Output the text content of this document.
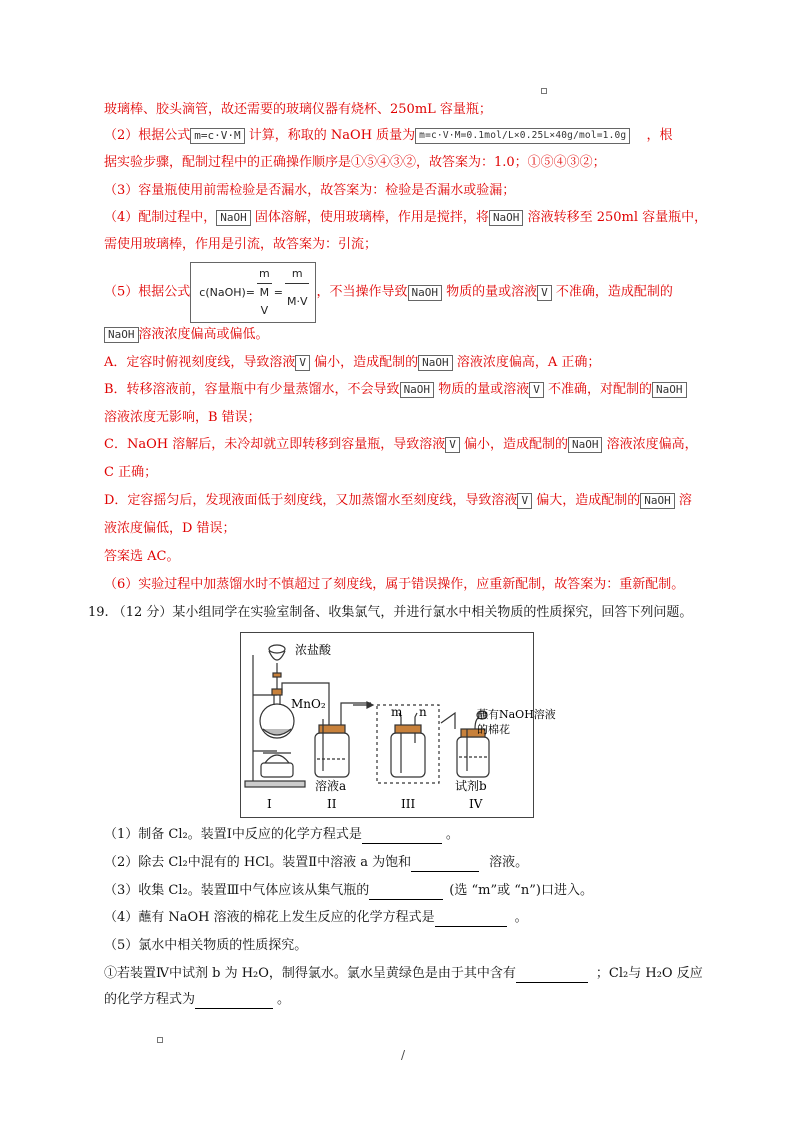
玻璃棒、胶头滴管，故还需要的玻璃仪器有烧杯、250mL 容量瓶；
（2）根据公式 m=c·V·M 计算，称取的 NaOH 质量为 m=c·V·M=0.1mol/L×0.25L×40g/mol=1.0g ，根
据实验步骤，配制过程中的正确操作顺序是①⑤④③②，故答案为：1.0；①⑤④③②；
（3）容量瓶使用前需检验是否漏水，故答案为：检验是否漏水或验漏；
（4）配制过程中， NaOH 固体溶解，使用玻璃棒，作用是搅拌，将 NaOH 溶液转移至 250ml 容量瓶中，
需使用玻璃棒，作用是引流，故答案为：引流；
（5）根据公式 c(NaOH)=	m	=	m
	M
V		M·V
，不当操作导致 NaOH 物质的量或溶液 V 不准确，造成配制的
NaOH 溶液浓度偏高或偏低。
A．定容时俯视刻度线，导致溶液 V 偏小，造成配制的 NaOH 溶液浓度偏高，A 正确；
B．转移溶液前，容量瓶中有少量蒸馏水，不会导致 NaOH 物质的量或溶液 V 不准确，对配制的 NaOH
溶液浓度无影响，B 错误；
C．NaOH 溶解后，未冷却就立即转移到容量瓶，导致溶液 V 偏小，造成配制的 NaOH 溶液浓度偏高，
C 正确；
D．定容摇匀后，发现液面低于刻度线，又加蒸馏水至刻度线，导致溶液 V 偏大，造成配制的 NaOH 溶
液浓度偏低，D 错误；
答案选 AC。
（6）实验过程中加蒸馏水时不慎超过了刻度线，属于错误操作，应重新配制，故答案为：重新配制。
19. （12 分）某小组同学在实验室制备、收集氯气，并进行氯水中相关物质的性质探究，回答下列问题。
浓盐酸
MnO₂
m n	蘸有NaOH溶液
的棉花
溶液a	试剂b
I	II	III	IV
（1）制备 Cl₂。装置Ⅰ中反应的化学方程式是	。
（2）除去 Cl₂中混有的 HCl。装置Ⅱ中溶液 a 为饱和	溶液。
（3）收集 Cl₂。装置Ⅲ中气体应该从集气瓶的	(选 “m”或 “n”)口进入。
（4）蘸有 NaOH 溶液的棉花上发生反应的化学方程式是	。
（5）氯水中相关物质的性质探究。
①若装置Ⅳ中试剂 b 为 H₂O，制得氯水。氯水呈黄绿色是由于其中含有	；Cl₂与 H₂O 反应
的化学方程式为	。
/
